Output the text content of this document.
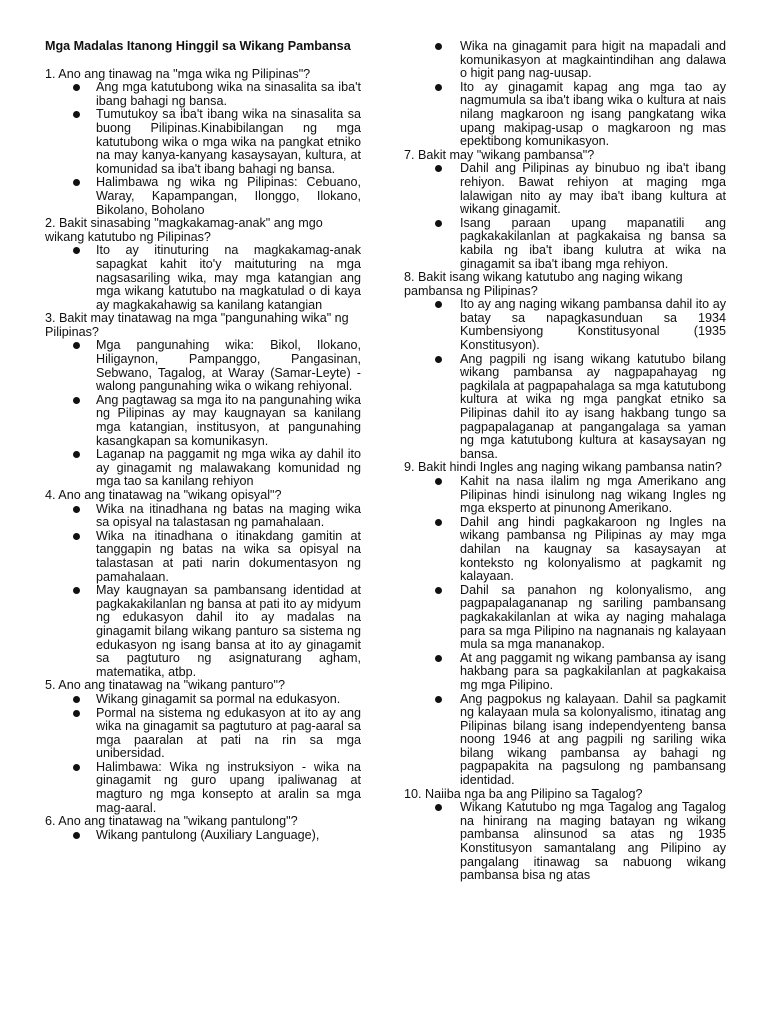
Mga Madalas Itanong Hinggil sa Wikang Pambansa

1. Ano ang tinawag na "mga wika ng Pilipinas"?

Ang mga katutubong wika na sinasalita sa iba't ibang bahagi ng bansa.
Tumutukoy sa iba't ibang wika na sinasalita sa buong Pilipinas.Kinabibilangan ng mga katutubong wika o mga wika na pangkat etniko na may kanya-kanyang kasaysayan, kultura, at komunidad sa iba't ibang bahagi ng bansa.
Halimbawa ng wika ng Pilipinas: Cebuano, Waray, Kapampangan, Ilonggo, Ilokano, Bikolano, Boholano

2. Bakit sinasabing "magkakamag-anak" ang mgo wikang katutubo ng Pilipinas?

Ito ay itinuturing na magkakamag-anak sapagkat kahit ito'y maituturing na mga nagsasariling wika, may mga katangian ang mga wikang katutubo na magkatulad o di kaya ay magkakahawig sa kanilang katangian

3. Bakit may tinatawag na mga "pangunahing wika" ng Pilipinas?

Mga pangunahing wika: Bikol, Ilokano, Hiligaynon, Pampanggo, Pangasinan, Sebwano, Tagalog, at Waray (Samar-Leyte) - walong pangunahing wika o wikang rehiyonal.
Ang pagtawag sa mga ito na pangunahing wika ng Pilipinas ay may kaugnayan sa kanilang mga katangian, institusyon, at pangunahing kasangkapan sa komunikasyn.
Laganap na paggamit ng mga wika ay dahil ito ay ginagamit ng malawakang komunidad ng mga tao sa kanilang rehiyon

4. Ano ang tinatawag na "wikang opisyal"?

Wika na itinadhana ng batas na maging wika sa opisyal na talastasan ng pamahalaan.
Wika na itinadhana o itinakdang gamitin at tanggapin ng batas na wika sa opisyal na talastasan at pati narin dokumentasyon ng pamahalaan.
May kaugnayan sa pambansang identidad at pagkakakilanlan ng bansa at pati ito ay midyum ng edukasyon dahil ito ay madalas na ginagamit bilang wikang panturo sa sistema ng edukasyon ng isang bansa at ito ay ginagamit sa pagtuturo ng asignaturang agham, matematika, atbp.

5. Ano ang tinatawag na "wikang panturo"?

Wikang ginagamit sa pormal na edukasyon.
Pormal na sistema ng edukasyon at ito ay ang wika na ginagamit sa pagtuturo at pag-aaral sa mga paaralan at pati na rin sa mga unibersidad.
Halimbawa: Wika ng instruksiyon - wika na ginagamit ng guro upang ipaliwanag at magturo ng mga konsepto at aralin sa mga mag-aaral.

6. Ano ang tinatawag na "wikang pantulong"?

Wikang pantulong (Auxiliary Language),
Wika na ginagamit para higit na mapadali and komunikasyon at magkaintindihan ang dalawa o higit pang nag-uusap.
Ito ay ginagamit kapag ang mga tao ay nagmumula sa iba't ibang wika o kultura at nais nilang magkaroon ng isang pangkatang wika upang makipag-usap o magkaroon ng mas epektibong komunikasyon.

7. Bakit may "wikang pambansa"?

Dahil ang Pilipinas ay binubuo ng iba't ibang rehiyon. Bawat rehiyon at maging mga lalawigan nito ay may iba't ibang kultura at wikang ginagamit.
Isang paraan upang mapanatili ang pagkakakilanlan at pagkakaisa ng bansa sa kabila ng iba't ibang kulutra at wika na ginagamit sa iba't ibang mga rehiyon.

8. Bakit isang wikang katutubo ang naging wikang pambansa ng Pilipinas?

Ito ay ang naging wikang pambansa dahil ito ay batay sa napagkasunduan sa 1934 Kumbensiyong Konstitusyonal (1935 Konstitusyon).
Ang pagpili ng isang wikang katutubo bilang wikang pambansa ay nagpapahayag ng pagkilala at pagpapahalaga sa mga katutubong kultura at wika ng mga pangkat etniko sa Pilipinas dahil ito ay isang hakbang tungo sa pagpapalaganap at pangangalaga sa yaman ng mga katutubong kultura at kasaysayan ng bansa.

9. Bakit hindi Ingles ang naging wikang pambansa natin?

Kahit na nasa ilalim ng mga Amerikano ang Pilipinas hindi isinulong nag wikang Ingles ng mga eksperto at pinunong Amerikano.
Dahil ang hindi pagkakaroon ng Ingles na wikang pambansa ng Pilipinas ay may mga dahilan na kaugnay sa kasaysayan at konteksto ng kolonyalismo at pagkamit ng kalayaan.
Dahil sa panahon ng kolonyalismo, ang pagpapalagananap ng sariling pambansang pagkakakilanlan at wika ay naging mahalaga para sa mga Pilipino na nagnanais ng kalayaan mula sa mga mananakop.
At ang paggamit ng wikang pambansa ay isang hakbang para sa pagkakilanlan at pagkakaisa mg mga Pilipino.
Ang pagpokus ng kalayaan. Dahil sa pagkamit ng kalayaan mula sa kolonyalismo, itinatag ang Pilipinas bilang isang independyenteng bansa noong 1946 at ang pagpili ng sariling wika bilang wikang pambansa ay bahagi ng pagpapakita na pagsulong ng pambansang identidad.

10. Naiiba nga ba ang Pilipino sa Tagalog?

Wikang Katutubo ng mga Tagalog ang Tagalog na hinirang na maging batayan ng wikang pambansa alinsunod sa atas ng 1935 Konstitusyon samantalang ang Pilipino ay pangalang itinawag sa nabuong wikang pambansa bisa ng atas
